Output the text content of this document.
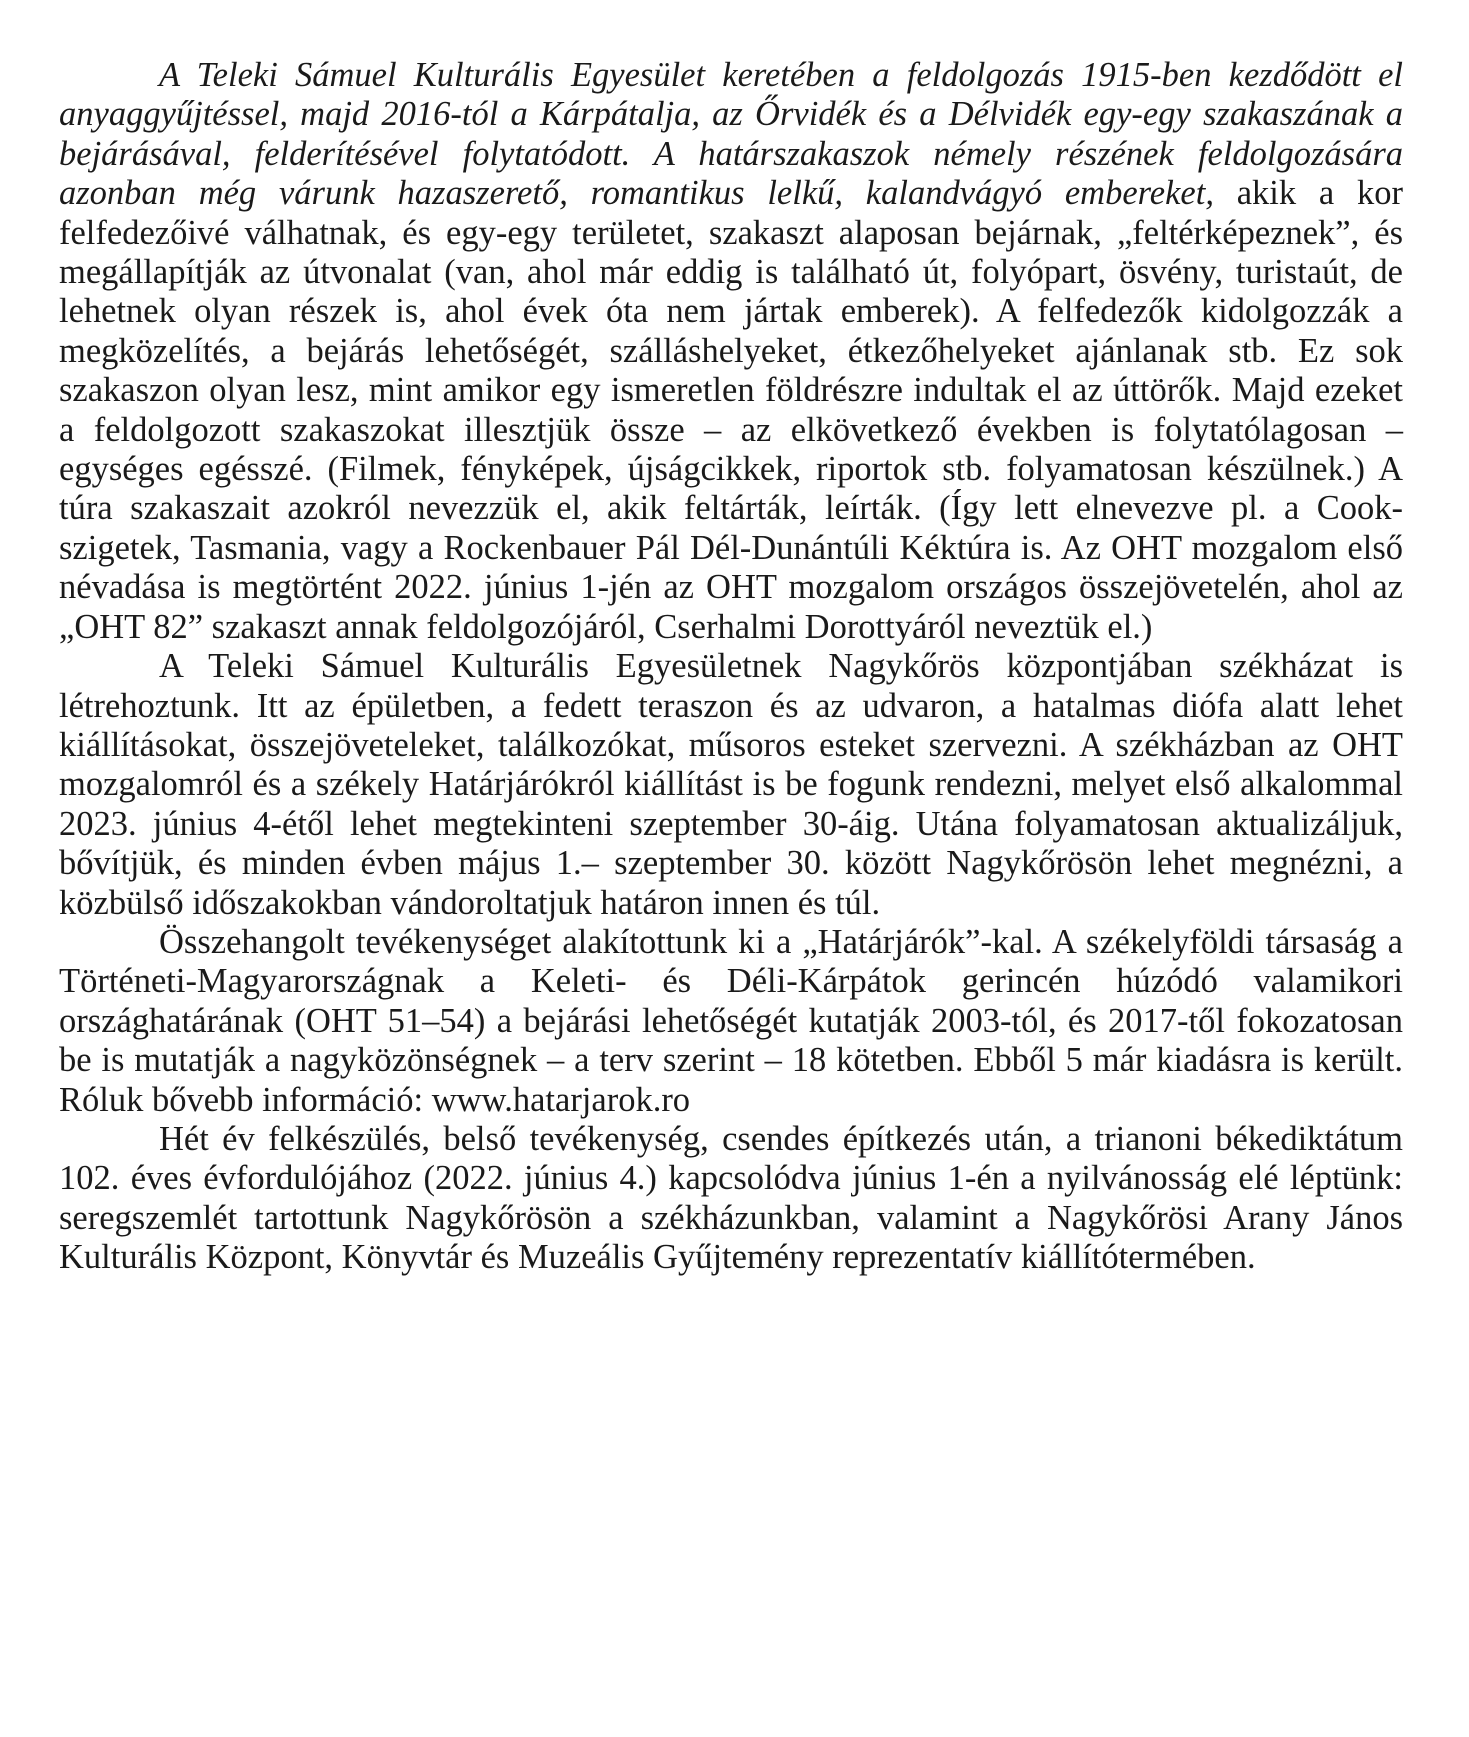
A Teleki Sámuel Kulturális Egyesület keretében a feldolgozás 1915-ben kezdődött el anyaggyűjtéssel, majd 2016-tól a Kárpátalja, az Őrvidék és a Délvidék egy-egy szakaszának a bejárásával, felderítésével folytatódott. A határszakaszok némely részének feldolgozására azonban még várunk hazaszerető, romantikus lelkű, kalandvágyó embereket, akik a kor felfedezőivé válhatnak, és egy-egy területet, szakaszt alaposan bejárnak, „feltérképeznek”, és megállapítják az útvonalat (van, ahol már eddig is található út, folyópart, ösvény, turistaút, de lehetnek olyan részek is, ahol évek óta nem jártak emberek). A felfedezők kidolgozzák a megközelítés, a bejárás lehetőségét, szálláshelyeket, étkezőhelyeket ajánlanak stb. Ez sok szakaszon olyan lesz, mint amikor egy ismeretlen földrészre indultak el az úttörők. Majd ezeket a feldolgozott szakaszokat illesztjük össze – az elkövetkező években is folytatólagosan – egységes egésszé. (Filmek, fényképek, újságcikkek, riportok stb. folyamatosan készülnek.) A túra szakaszait azokról nevezzük el, akik feltárták, leírták. (Így lett elnevezve pl. a Cook-szigetek, Tasmania, vagy a Rockenbauer Pál Dél-Dunántúli Kéktúra is. Az OHT mozgalom első névadása is megtörtént 2022. június 1-jén az OHT mozgalom országos összejövetelén, ahol az „OHT 82” szakaszt annak feldolgozójáról, Cserhalmi Dorottyáról neveztük el.)

A Teleki Sámuel Kulturális Egyesületnek Nagykőrös központjában székházat is létrehoztunk. Itt az épületben, a fedett teraszon és az udvaron, a hatalmas diófa alatt lehet kiállításokat, összejöveteleket, találkozókat, műsoros esteket szervezni. A székházban az OHT mozgalomról és a székely Határjárókról kiállítást is be fogunk rendezni, melyet első alkalommal 2023. június 4-étől lehet megtekinteni szeptember 30-áig. Utána folyamatosan aktualizáljuk, bővítjük, és minden évben május 1.– szeptember 30. között Nagykőrösön lehet megnézni, a közbülső időszakokban vándoroltatjuk határon innen és túl.

Összehangolt tevékenységet alakítottunk ki a „Határjárók”-kal. A székelyföldi társaság a Történeti-Magyarországnak a Keleti- és Déli-Kárpátok gerincén húzódó valamikori országhatárának (OHT 51–54) a bejárási lehetőségét kutatják 2003-tól, és 2017-től fokozatosan be is mutatják a nagyközönségnek – a terv szerint – 18 kötetben. Ebből 5 már kiadásra is került. Róluk bővebb információ: www.hatarjarok.ro

Hét év felkészülés, belső tevékenység, csendes építkezés után, a trianoni békediktátum 102. éves évfordulójához (2022. június 4.) kapcsolódva június 1-én a nyilvánosság elé léptünk: seregszemlét tartottunk Nagykőrösön a székházunkban, valamint a Nagykőrösi Arany János Kulturális Központ, Könyvtár és Muzeális Gyűjtemény reprezentatív kiállítótermében.
